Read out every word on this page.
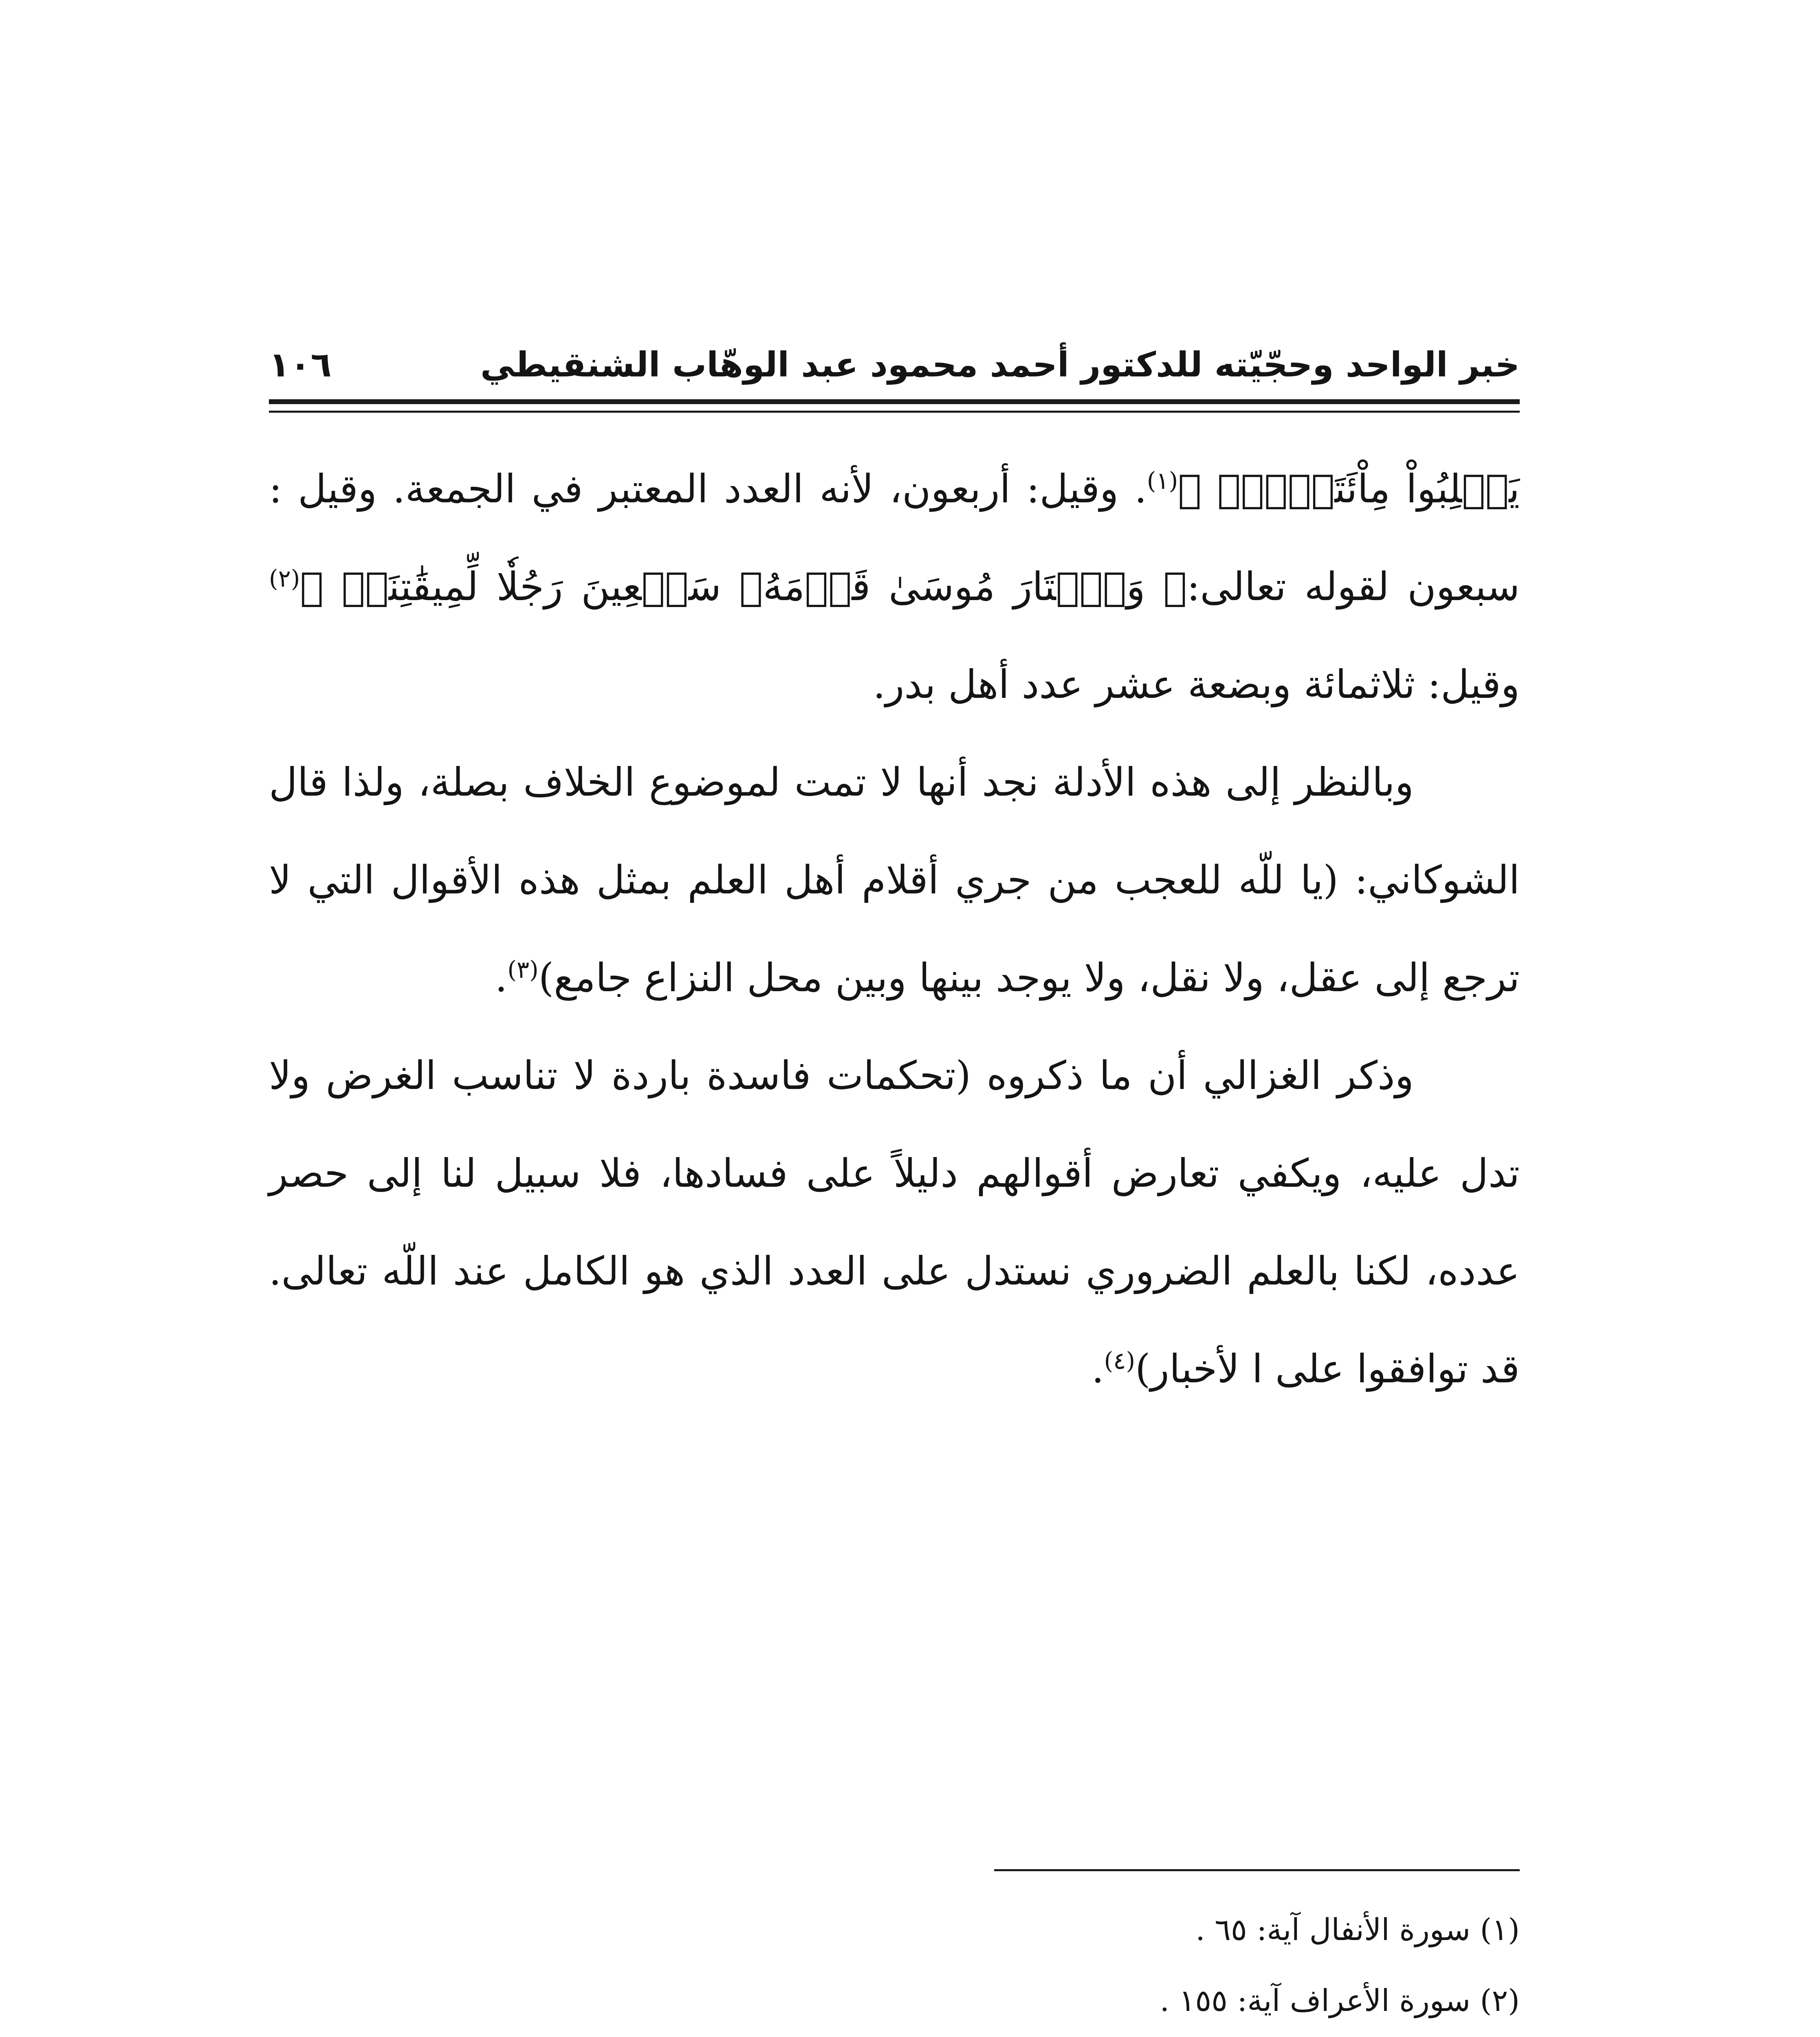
خبر الواحد وحجّيّته للدكتور أحمد محمود عبد الوهّاب الشنقيطي
١٠٦

يَغۡلِبُواْ مِاْئَتَيۡنِۚ ﴾$^{(١)}$. وقيل: أربعون، لأنه العدد المعتبر في الجمعة. وقيل : سبعون لقوله تعالى:﴿ وَٱخۡتَارَ مُوسَىٰ قَوۡمَهُۥ سَبۡعِينَ رَجُلٗا لِّمِيقَٰتِنَاۖ ﴾$^{(٢)}$ وقيل: ثلاثمائة وبضعة عشر عدد أهل بدر.

وبالنظر إلى هذه الأدلة نجد أنها لا تمت لموضوع الخلاف بصلة، ولذا قال الشوكاني: (يا للّه للعجب من جري أقلام أهل العلم بمثل هذه الأقوال التي لا ترجع إلى عقل، ولا نقل، ولا يوجد بينها وبين محل النزاع جامع)$^{(٣)}$.

وذكر الغزالي أن ما ذكروه (تحكمات فاسدة باردة لا تناسب الغرض ولا تدل عليه، ويكفي تعارض أقوالهم دليلاً على فسادها، فلا سبيل لنا إلى حصر عدده، لكنا بالعلم الضروري نستدل على العدد الذي هو الكامل عند اللّه تعالى. قد توافقوا على ا لأخبار)$^{(٤)}$.

(١) سورة الأنفال آية: ٦٥ .

(٢) سورة الأعراف آية: ١٥٥ .
